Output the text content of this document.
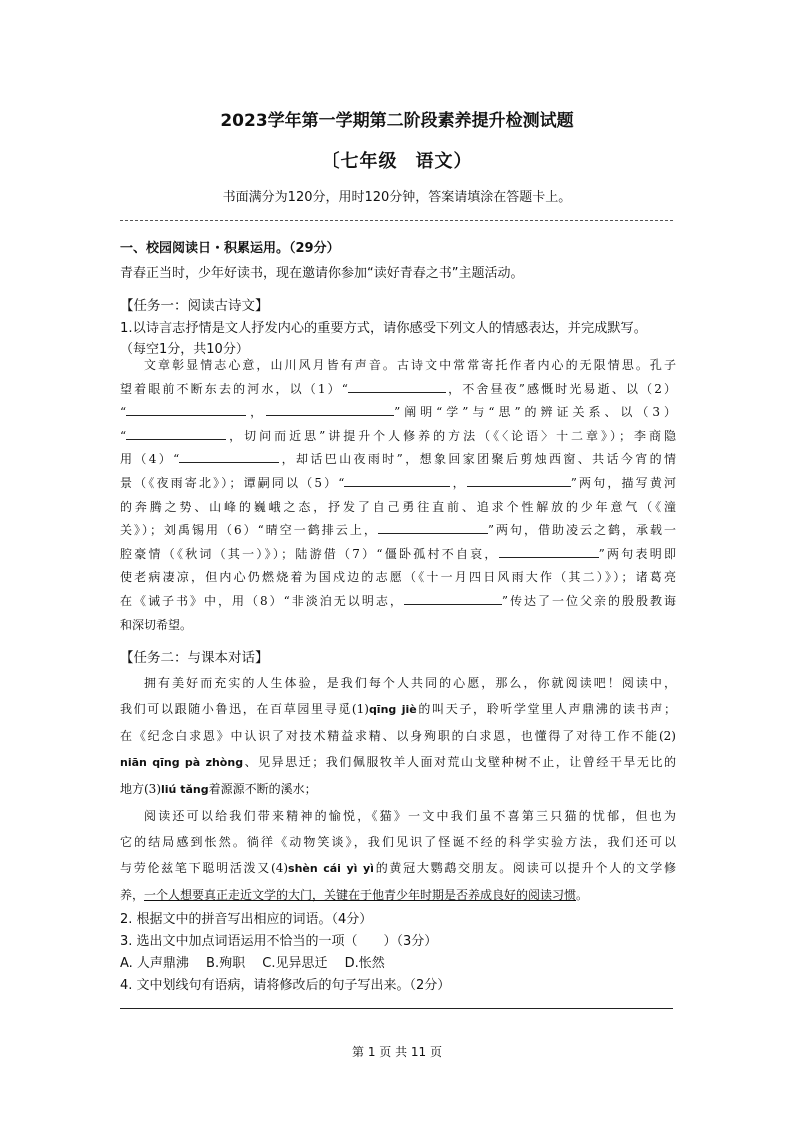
2023学年第一学期第二阶段素养提升检测试题
〔七年级 语文）
书面满分为120分，用时120分钟，答案请填涂在答题卡上。
一、校园阅读日・积累运用。（29分）
青春正当时，少年好读书，现在邀请你参加“读好青春之书”主题活动。
【任务一：阅读古诗文】
1.以诗言志抒情是文人抒发内心的重要方式，请你感受下列文人的情感表达，并完成默写。
（每空1分，共10分）

文章彰显情志心意，山川风月皆有声音。古诗文中常常寄托作者内心的无限情思。孔子

望着眼前不断东去的河水，以（1）“	，不舍昼夜”感慨时光易逝、以（2）

“	，	”阐明“学”与“思”的辨证关系、以（3）

“	，切问而近思”讲提升个人修养的方法（《〈论语〉十二章》）；李商隐

用（4）“	，却话巴山夜雨时”，想象回家团聚后剪烛西窗、共话今宵的情

景（《夜雨寄北》）；谭嗣同以（5）“	，	”两句，描写黄河

的奔腾之势、山峰的巍峨之态，抒发了自己勇往直前、追求个性解放的少年意气（《潼

关》）；刘禹锡用（6）“晴空一鹤排云上，	”两句，借助凌云之鹤，承载一

腔豪情（《秋词（其一）》）；陆游借（7）“僵卧孤村不自哀，	”两句表明即

使老病凄凉，但内心仍燃烧着为国戍边的志愿（《十一月四日风雨大作（其二）》）；诸葛亮

在《诫子书》中，用（8）“非淡泊无以明志，	”传达了一位父亲的殷殷教诲

和深切希望。

【任务二：与课本对话】

拥有美好而充实的人生体验，是我们每个人共同的心愿，那么，你就阅读吧！阅读中，

我们可以跟随小鲁迅，在百草园里寻觅(1)qīng jiè的叫天子，聆听学堂里人声鼎沸的读书声；

在《纪念白求恩》中认识了对技术精益求精、以身殉职的白求恩，也懂得了对待工作不能(2)

niān qīng pà zhòng、见异思迁；我们佩服牧羊人面对荒山戈壁种树不止，让曾经干旱无比的

地方(3)liú tǎng着源源不断的溪水；

阅读还可以给我们带来精神的愉悦，《猫》一文中我们虽不喜第三只猫的忧郁，但也为

它的结局感到怅然。徜徉《动物笑谈》，我们见识了怪诞不经的科学实验方法，我们还可以

与劳伦兹笔下聪明活泼又(4)shèn cái yì yì的黄冠大鹦鹉交朋友。阅读可以提升个人的文学修

养，一个人想要真正走近文学的大门，关键在于他青少年时期是否养成良好的阅读习惯。

2. 根据文中的拼音写出相应的词语。（4分）
3. 选出文中加点词语运用不恰当的一项（　　）（3分）
A. 人声鼎沸　 B.殉职　 C.见异思迁　 D.怅然
4. 文中划线句有语病，请将修改后的句子写出来。（2分）
第 1 页 共 11 页
